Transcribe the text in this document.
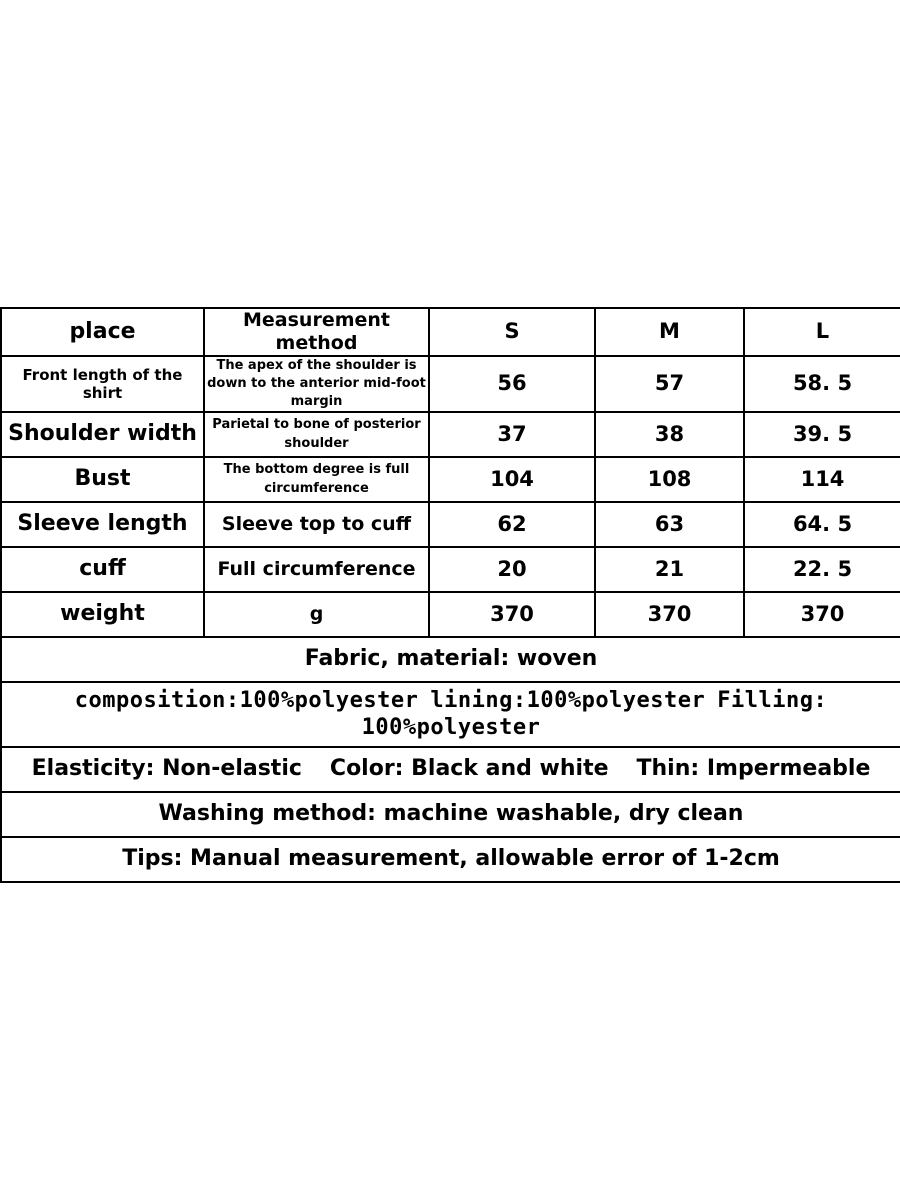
place	Measurement method	S	M	L
Front length of the shirt	The apex of the shoulder is down to the anterior mid-foot margin	56	57	58. 5
Shoulder width	Parietal to bone of posterior shoulder	37	38	39. 5
Bust	The bottom degree is full circumference	104	108	114
Sleeve length	Sleeve top to cuff	62	63	64. 5
cuff	Full circumference	20	21	22. 5
weight	g	370	370	370
Fabric, material: woven				
composition:100%polyester lining:100%polyester Filling: 100%polyester				
Elasticity: Non-elastic Color: Black and white Thin: Impermeable				
Washing method: machine washable, dry clean				
Tips: Manual measurement, allowable error of 1-2cm				
